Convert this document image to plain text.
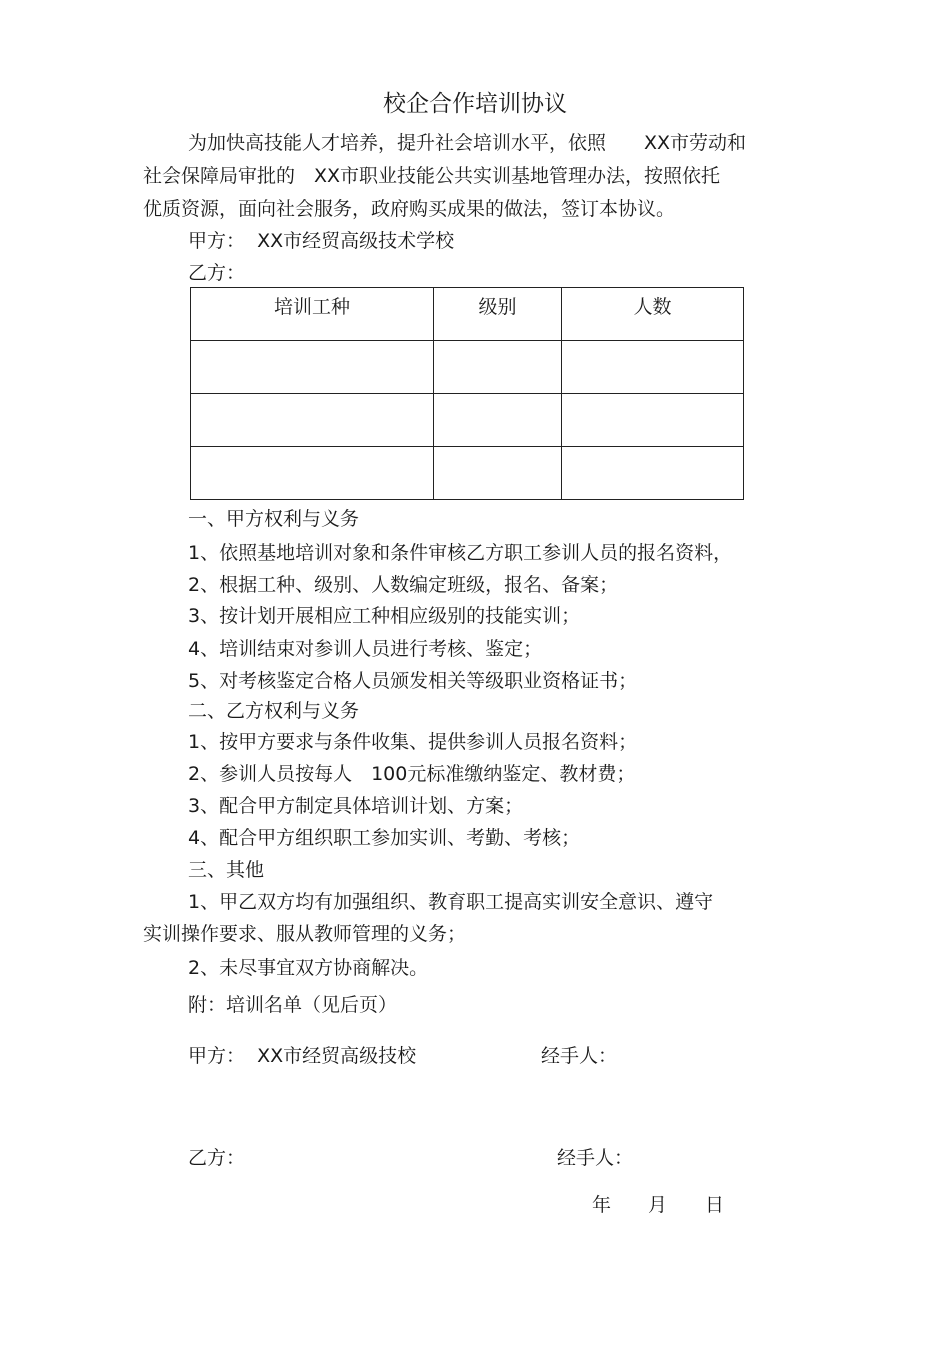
校企合作培训协议
为加快高技能人才培养，提升社会培训水平，依照　　XX市劳动和
社会保障局审批的　XX市职业技能公共实训基地管理办法，按照依托
优质资源，面向社会服务，政府购买成果的做法，签订本协议。
甲方：  XX市经贸高级技术学校
乙方：
培训工种	级别	人数

一、甲方权利与义务
1、依照基地培训对象和条件审核乙方职工参训人员的报名资料，
2、根据工种、级别、人数编定班级，报名、备案；
3、按计划开展相应工种相应级别的技能实训；
4、培训结束对参训人员进行考核、鉴定；
5、对考核鉴定合格人员颁发相关等级职业资格证书；
二、乙方权利与义务
1、按甲方要求与条件收集、提供参训人员报名资料；
2、参训人员按每人　100元标准缴纳鉴定、教材费；
3、配合甲方制定具体培训计划、方案；
4、配合甲方组织职工参加实训、考勤、考核；
三、其他
1、甲乙双方均有加强组织、教育职工提高实训安全意识、遵守
实训操作要求、服从教师管理的义务；
2、未尽事宜双方协商解决。
附：培训名单（见后页）
甲方：  XX市经贸高级技校	经手人：
乙方：	经手人：
年 月 日
